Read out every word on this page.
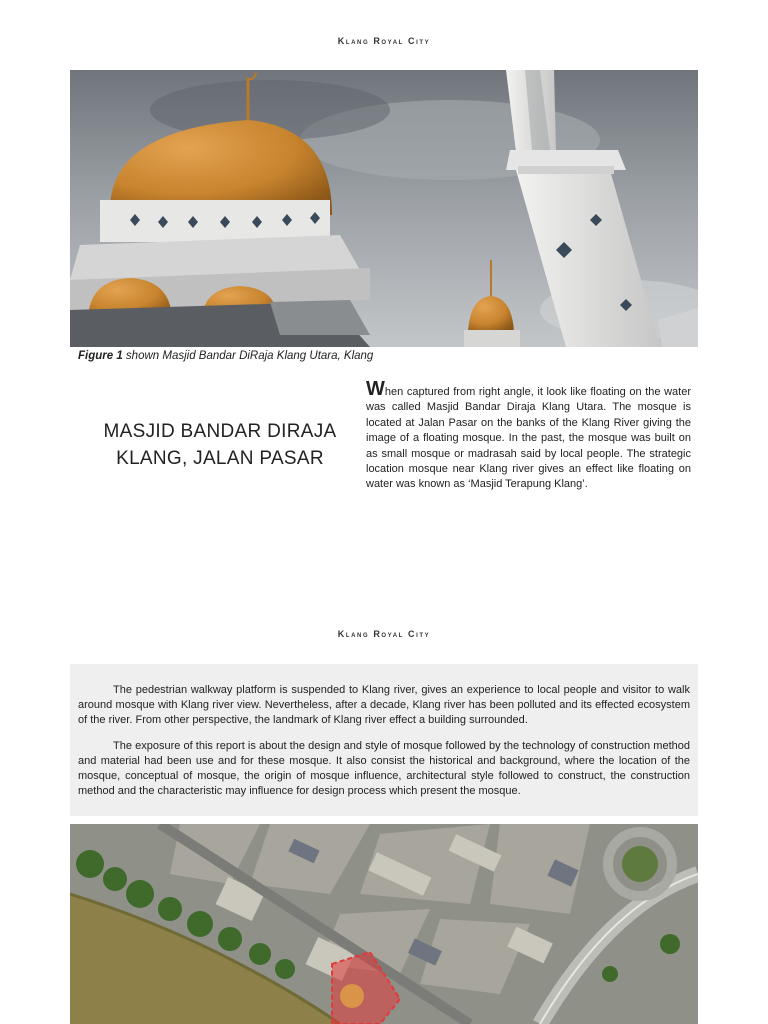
Klang Royal City
Figure 1 shown Masjid Bandar DiRaja Klang Utara, Klang
MASJID BANDAR DIRAJA
KLANG, JALAN PASAR
When captured from right angle, it look like floating on the water was called Masjid Bandar Diraja Klang Utara. The mosque is located at Jalan Pasar on the banks of the Klang River giving the image of a floating mosque. In the past, the mosque was built on as small mosque or madrasah said by local people. The strategic location mosque near Klang river gives an effect like floating on water was known as ‘Masjid Terapung Klang’.
Klang Royal City

The pedestrian walkway platform is suspended to Klang river, gives an experience to local people and visitor to walk around mosque with Klang river view. Nevertheless, after a decade, Klang river has been polluted and its effected ecosystem of the river. From other perspective, the landmark of Klang river effect a building surrounded.

The exposure of this report is about the design and style of mosque followed by the technology of construction method and material had been use and for these mosque. It also consist the historical and background, where the location of the mosque, conceptual of mosque, the origin of mosque influence, architectural style followed to construct, the construction method and the characteristic may influence for design process which present the mosque.
